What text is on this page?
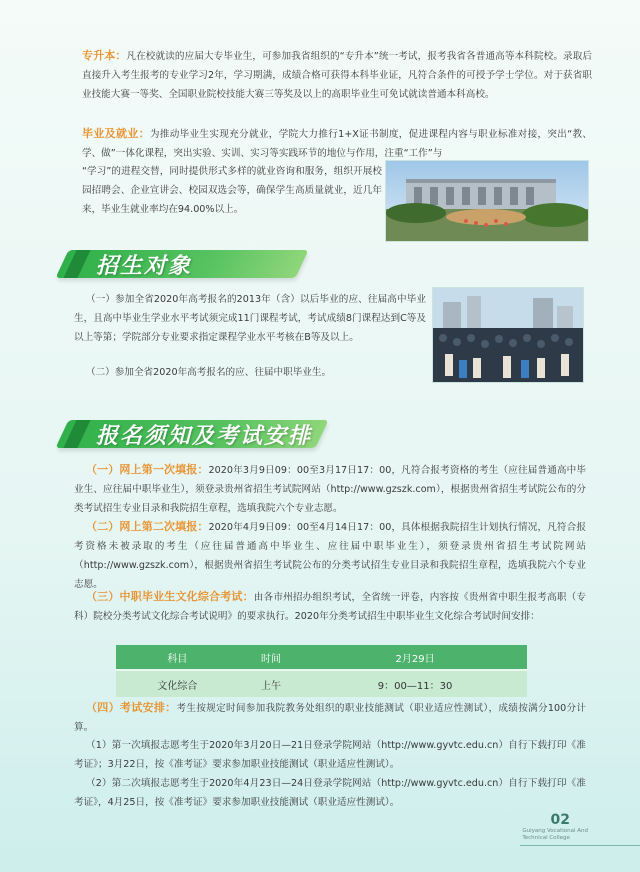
专升本：凡在校就读的应届大专毕业生，可参加我省组织的“专升本”统一考试，报考我省各普通高等本科院校。录取后直接升入考生报考的专业学习2年，学习期满，成绩合格可获得本科毕业证，凡符合条件的可授予学士学位。对于获省职业技能大赛一等奖、全国职业院校技能大赛三等奖及以上的高职毕业生可免试就读普通本科高校。

毕业及就业：为推动毕业生实现充分就业，学院大力推行1+X证书制度，促进课程内容与职业标准对接，突出“教、学、做”一体化课程，突出实验、实训、实习等实践环节的地位与作用，注重“工作”与

“学习”的进程交替，同时提供形式多样的就业咨询和服务，组织开展校园招聘会、企业宣讲会、校园双选会等，确保学生高质量就业，近几年来，毕业生就业率均在94.00%以上。

招生对象

（一）参加全省2020年高考报名的2013年（含）以后毕业的应、往届高中毕业生，且高中毕业生学业水平考试须完成11门课程考试，考试成绩8门课程达到C等及以上等第；学院部分专业要求指定课程学业水平考核在B等及以上。

（二）参加全省2020年高考报名的应、往届中职毕业生。

报名须知及考试安排

（一）网上第一次填报：2020年3月9日09：00至3月17日17：00，凡符合报考资格的考生（应往届普通高中毕业生、应往届中职毕业生），须登录贵州省招生考试院网站（http://www.gzszk.com），根据贵州省招生考试院公布的分类考试招生专业目录和我院招生章程，选填我院六个专业志愿。

（二）网上第二次填报：2020年4月9日09：00至4月14日17：00，具体根据我院招生计划执行情况，凡符合报考资格未被录取的考生（应往届普通高中毕业生、应往届中职毕业生），须登录贵州省招生考试院网站（http://www.gzszk.com），根据贵州省招生考试院公布的分类考试招生专业目录和我院招生章程，选填我院六个专业志愿。

（三）中职毕业生文化综合考试：由各市州招办组织考试，全省统一评卷，内容按《贵州省中职生报考高职（专科）院校分类考试文化综合考试说明》的要求执行。2020年分类考试招生中职毕业生文化综合考试时间安排：

科目	时间	2月29日
文化综合	上午	9：00—11：30

（四）考试安排：考生按规定时间参加我院教务处组织的职业技能测试（职业适应性测试），成绩按满分100分计算。

（1）第一次填报志愿考生于2020年3月20日—21日登录学院网站（http://www.gyvtc.edu.cn）自行下载打印《准考证》；3月22日，按《准考证》要求参加职业技能测试（职业适应性测试）。

（2）第二次填报志愿考生于2020年4月23日—24日登录学院网站（http://www.gyvtc.edu.cn）自行下载打印《准考证》，4月25日，按《准考证》要求参加职业技能测试（职业适应性测试）。

02
Guiyang Vocational And
Technical College
